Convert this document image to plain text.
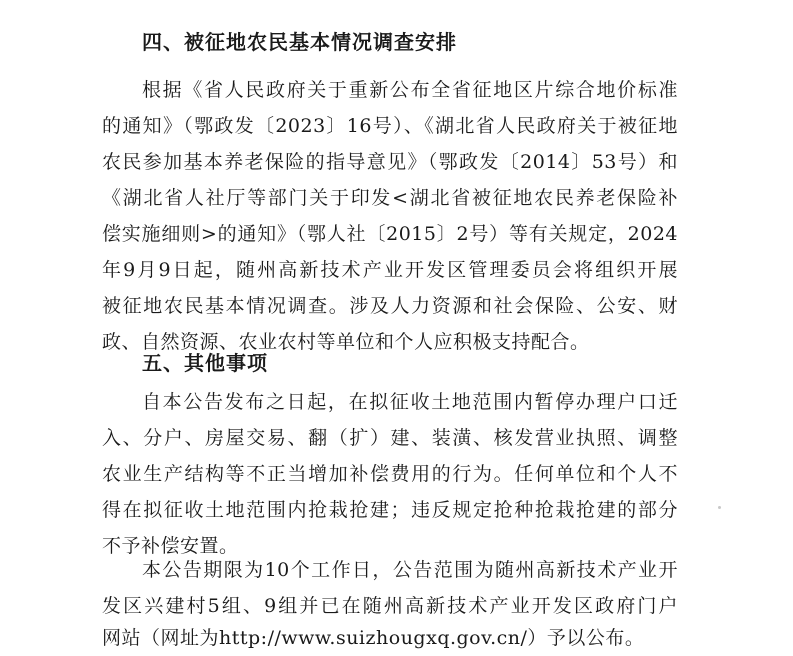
四、被征地农民基本情况调查安排
根据《省人民政府关于重新公布全省征地区片综合地价标准
的通知》（鄂政发〔2023〕16号）、《湖北省人民政府关于被征地
农民参加基本养老保险的指导意见》（鄂政发〔2014〕53号）和
《湖北省人社厅等部门关于印发<湖北省被征地农民养老保险补
偿实施细则>的通知》（鄂人社〔2015〕2号）等有关规定，2024
年9月9日起，随州高新技术产业开发区管理委员会将组织开展
被征地农民基本情况调查。涉及人力资源和社会保险、公安、财
政、自然资源、农业农村等单位和个人应积极支持配合。
五、其他事项
自本公告发布之日起，在拟征收土地范围内暂停办理户口迁
入、分户、房屋交易、翻（扩）建、装潢、核发营业执照、调整
农业生产结构等不正当增加补偿费用的行为。任何单位和个人不
得在拟征收土地范围内抢栽抢建；违反规定抢种抢栽抢建的部分
不予补偿安置。
本公告期限为10个工作日，公告范围为随州高新技术产业开
发区兴建村5组、9组并已在随州高新技术产业开发区政府门户
网站（网址为http://www.suizhougxq.gov.cn/）予以公布。
